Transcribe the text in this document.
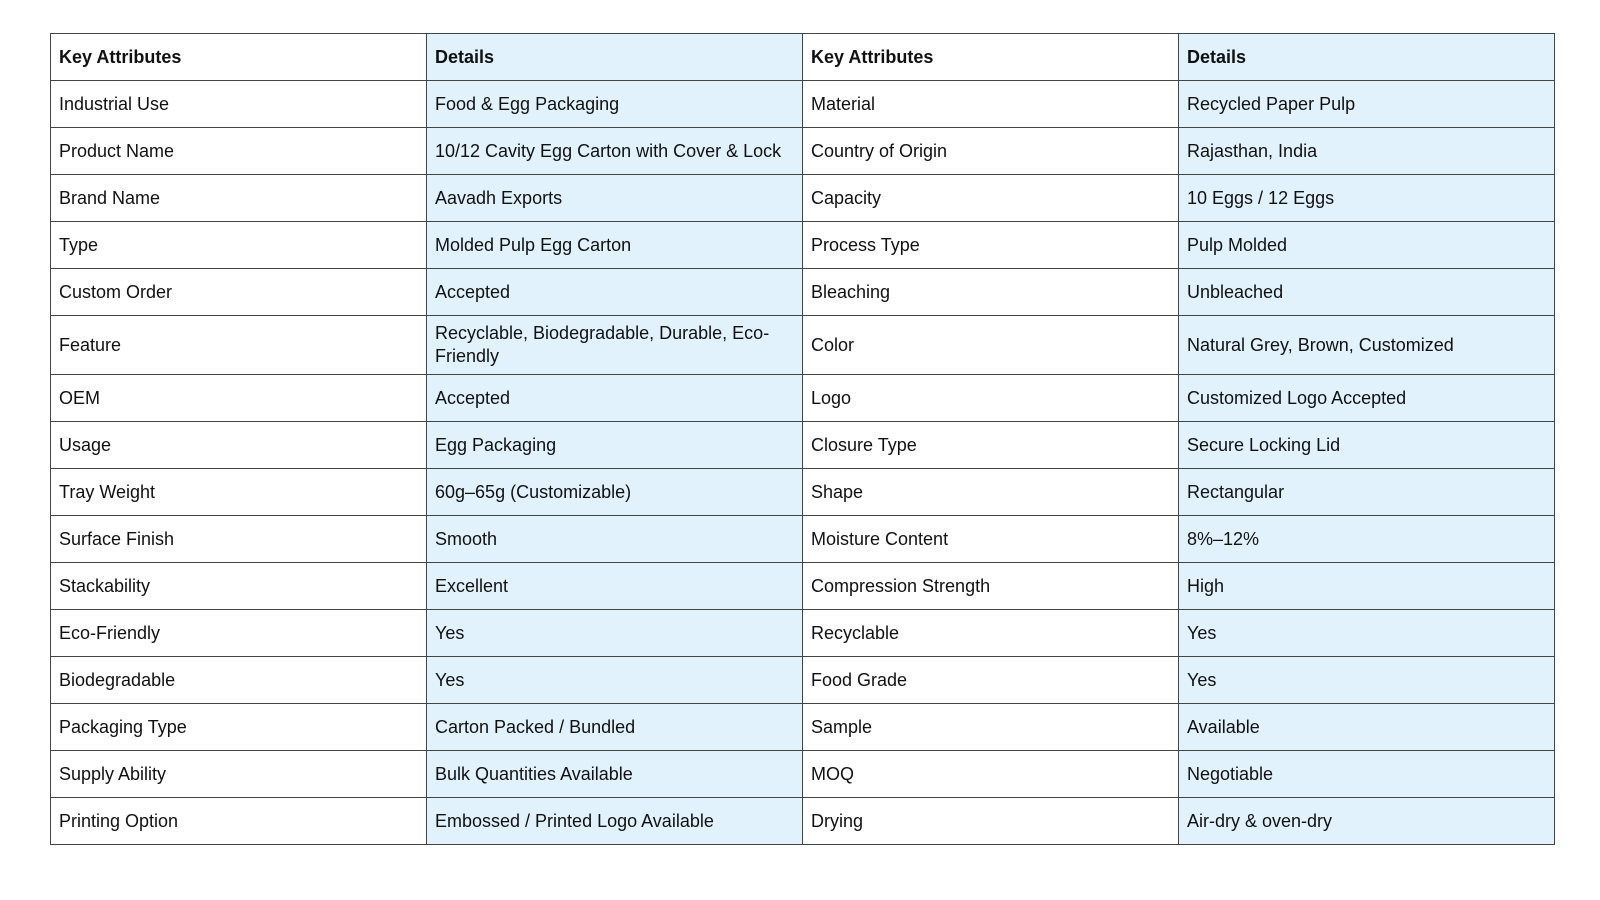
Key Attributes	Details	Key Attributes	Details
Industrial Use	Food & Egg Packaging	Material	Recycled Paper Pulp
Product Name	10/12 Cavity Egg Carton with Cover & Lock	Country of Origin	Rajasthan, India
Brand Name	Aavadh Exports	Capacity	10 Eggs / 12 Eggs
Type	Molded Pulp Egg Carton	Process Type	Pulp Molded
Custom Order	Accepted	Bleaching	Unbleached
Feature	Recyclable, Biodegradable, Durable, Eco-Friendly	Color	Natural Grey, Brown, Customized
OEM	Accepted	Logo	Customized Logo Accepted
Usage	Egg Packaging	Closure Type	Secure Locking Lid
Tray Weight	60g–65g (Customizable)	Shape	Rectangular
Surface Finish	Smooth	Moisture Content	8%–12%
Stackability	Excellent	Compression Strength	High
Eco-Friendly	Yes	Recyclable	Yes
Biodegradable	Yes	Food Grade	Yes
Packaging Type	Carton Packed / Bundled	Sample	Available
Supply Ability	Bulk Quantities Available	MOQ	Negotiable
Printing Option	Embossed / Printed Logo Available	Drying	Air-dry & oven-dry
